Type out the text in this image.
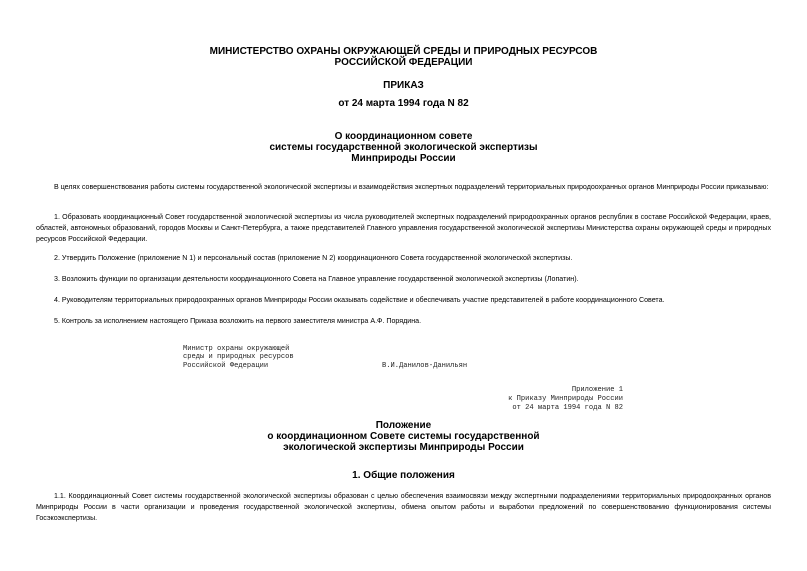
МИНИСТЕРСТВО ОХРАНЫ ОКРУЖАЮЩЕЙ СРЕДЫ И ПРИРОДНЫХ РЕСУРСОВ
РОССИЙСКОЙ ФЕДЕРАЦИИ
ПРИКАЗ
от 24 марта 1994 года N 82
О координационном совете
системы государственной экологической экспертизы
Минприроды России
В целях совершенствования работы системы государственной экологической экспертизы и взаимодействия экспертных подразделений территориальных природоохранных органов Минприроды России приказываю:
1. Образовать координационный Совет государственной экологической экспертизы из числа руководителей экспертных подразделений природоохранных органов республик в составе Российской Федерации, краев, областей, автономных образований, городов Москвы и Санкт-Петербурга, а также представителей Главного управления государственной экологической экспертизы Министерства охраны окружающей среды и природных ресурсов Российской Федерации.
2. Утвердить Положение (приложение N 1) и персональный состав (приложение N 2) координационного Совета государственной экологической экспертизы.
3. Возложить функции по организации деятельности координационного Совета на Главное управление государственной экологической экспертизы (Лопатин).
4. Руководителям территориальных природоохранных органов Минприроды России оказывать содействие и обеспечивать участие представителей в работе координационного Совета.
5. Контроль за исполнением настоящего Приказа возложить на первого заместителя министра А.Ф. Порядина.
Министр охраны окружающей
среды и природных ресурсов
Российской Федерации	В.И.Данилов-Данильян
Приложение 1
к Приказу Минприроды России
от 24 марта 1994 года N 82
Положение
о координационном Совете системы государственной
экологической экспертизы Минприроды России
1. Общие положения
1.1. Координационный Совет системы государственной экологической экспертизы образован с целью обеспечения взаимосвязи между экспертными подразделениями территориальных природоохранных органов Минприроды России в части организации и проведения государственной экологической экспертизы, обмена опытом работы и выработки предложений по совершенствованию функционирования системы Госэкоэкспертизы.
